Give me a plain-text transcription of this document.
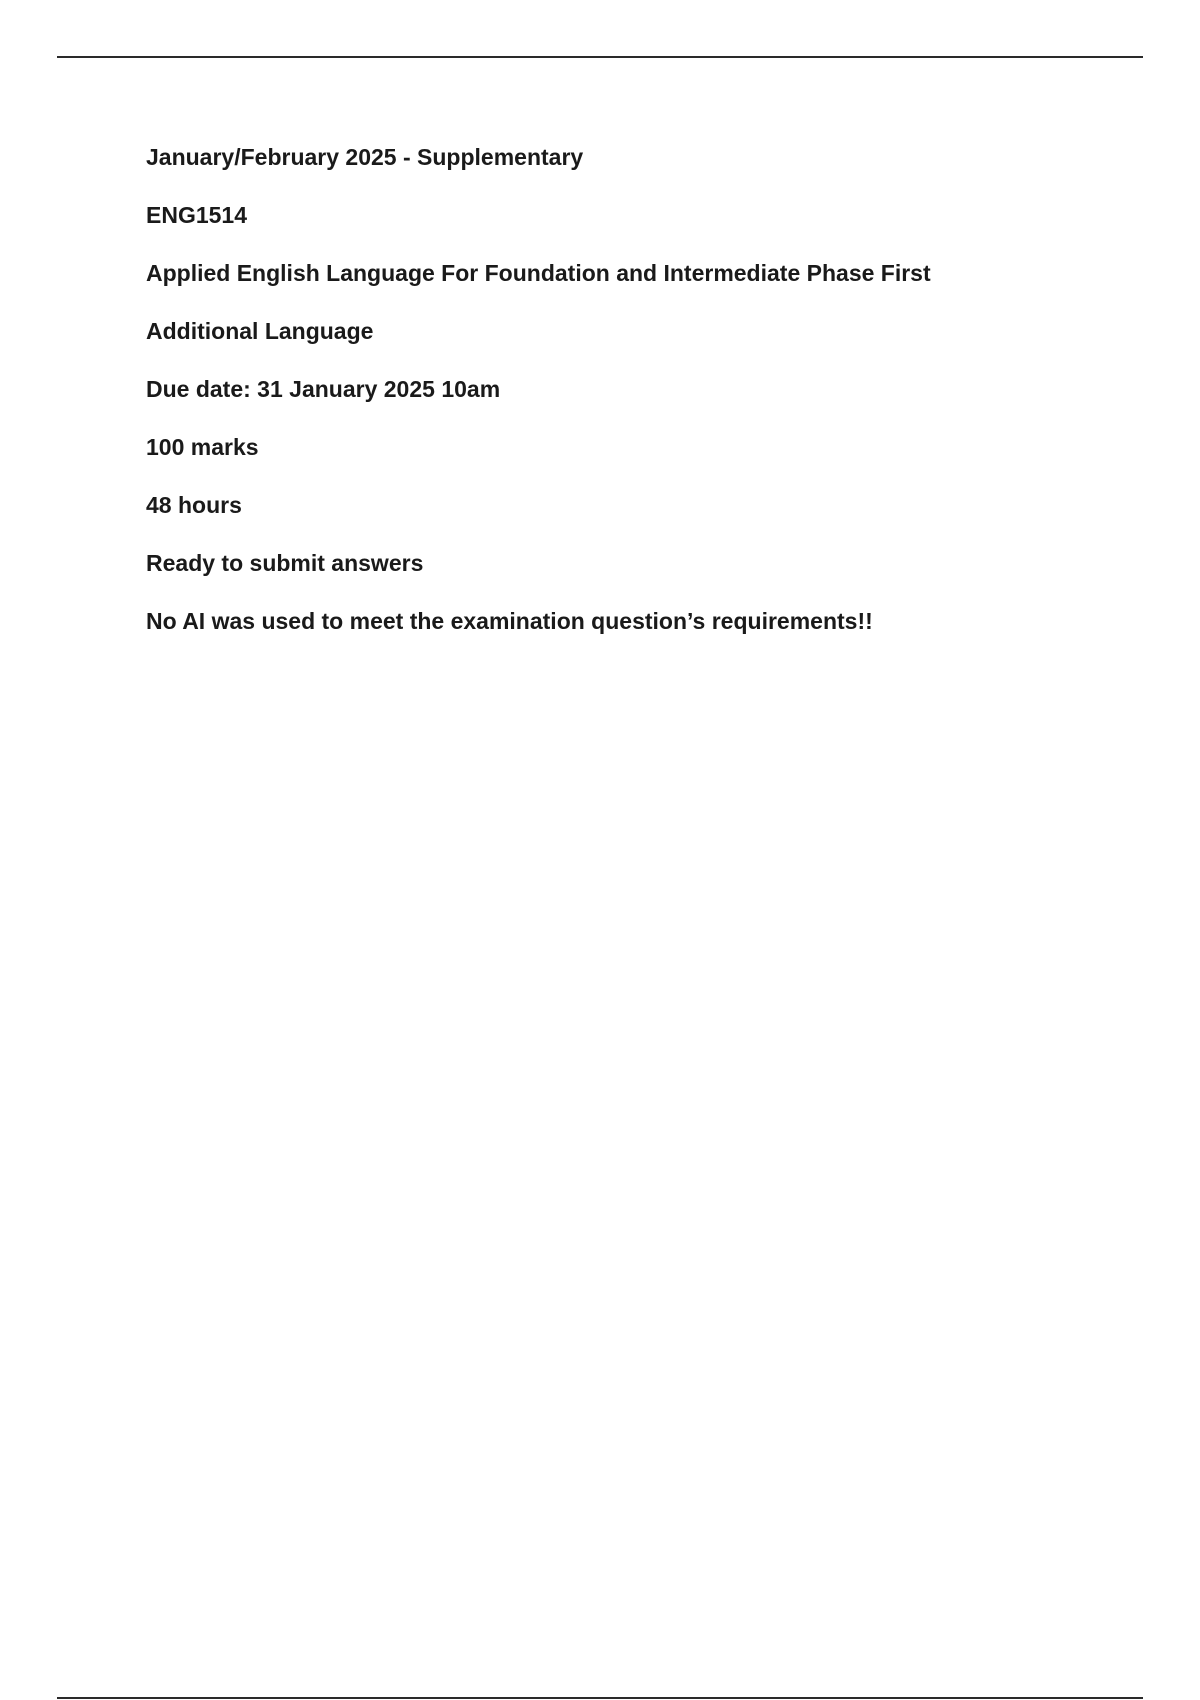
January/February 2025 - Supplementary
ENG1514
Applied English Language For Foundation and Intermediate Phase First
Additional Language
Due date: 31 January 2025 10am
100 marks
48 hours
Ready to submit answers
No AI was used to meet the examination question’s requirements!!
